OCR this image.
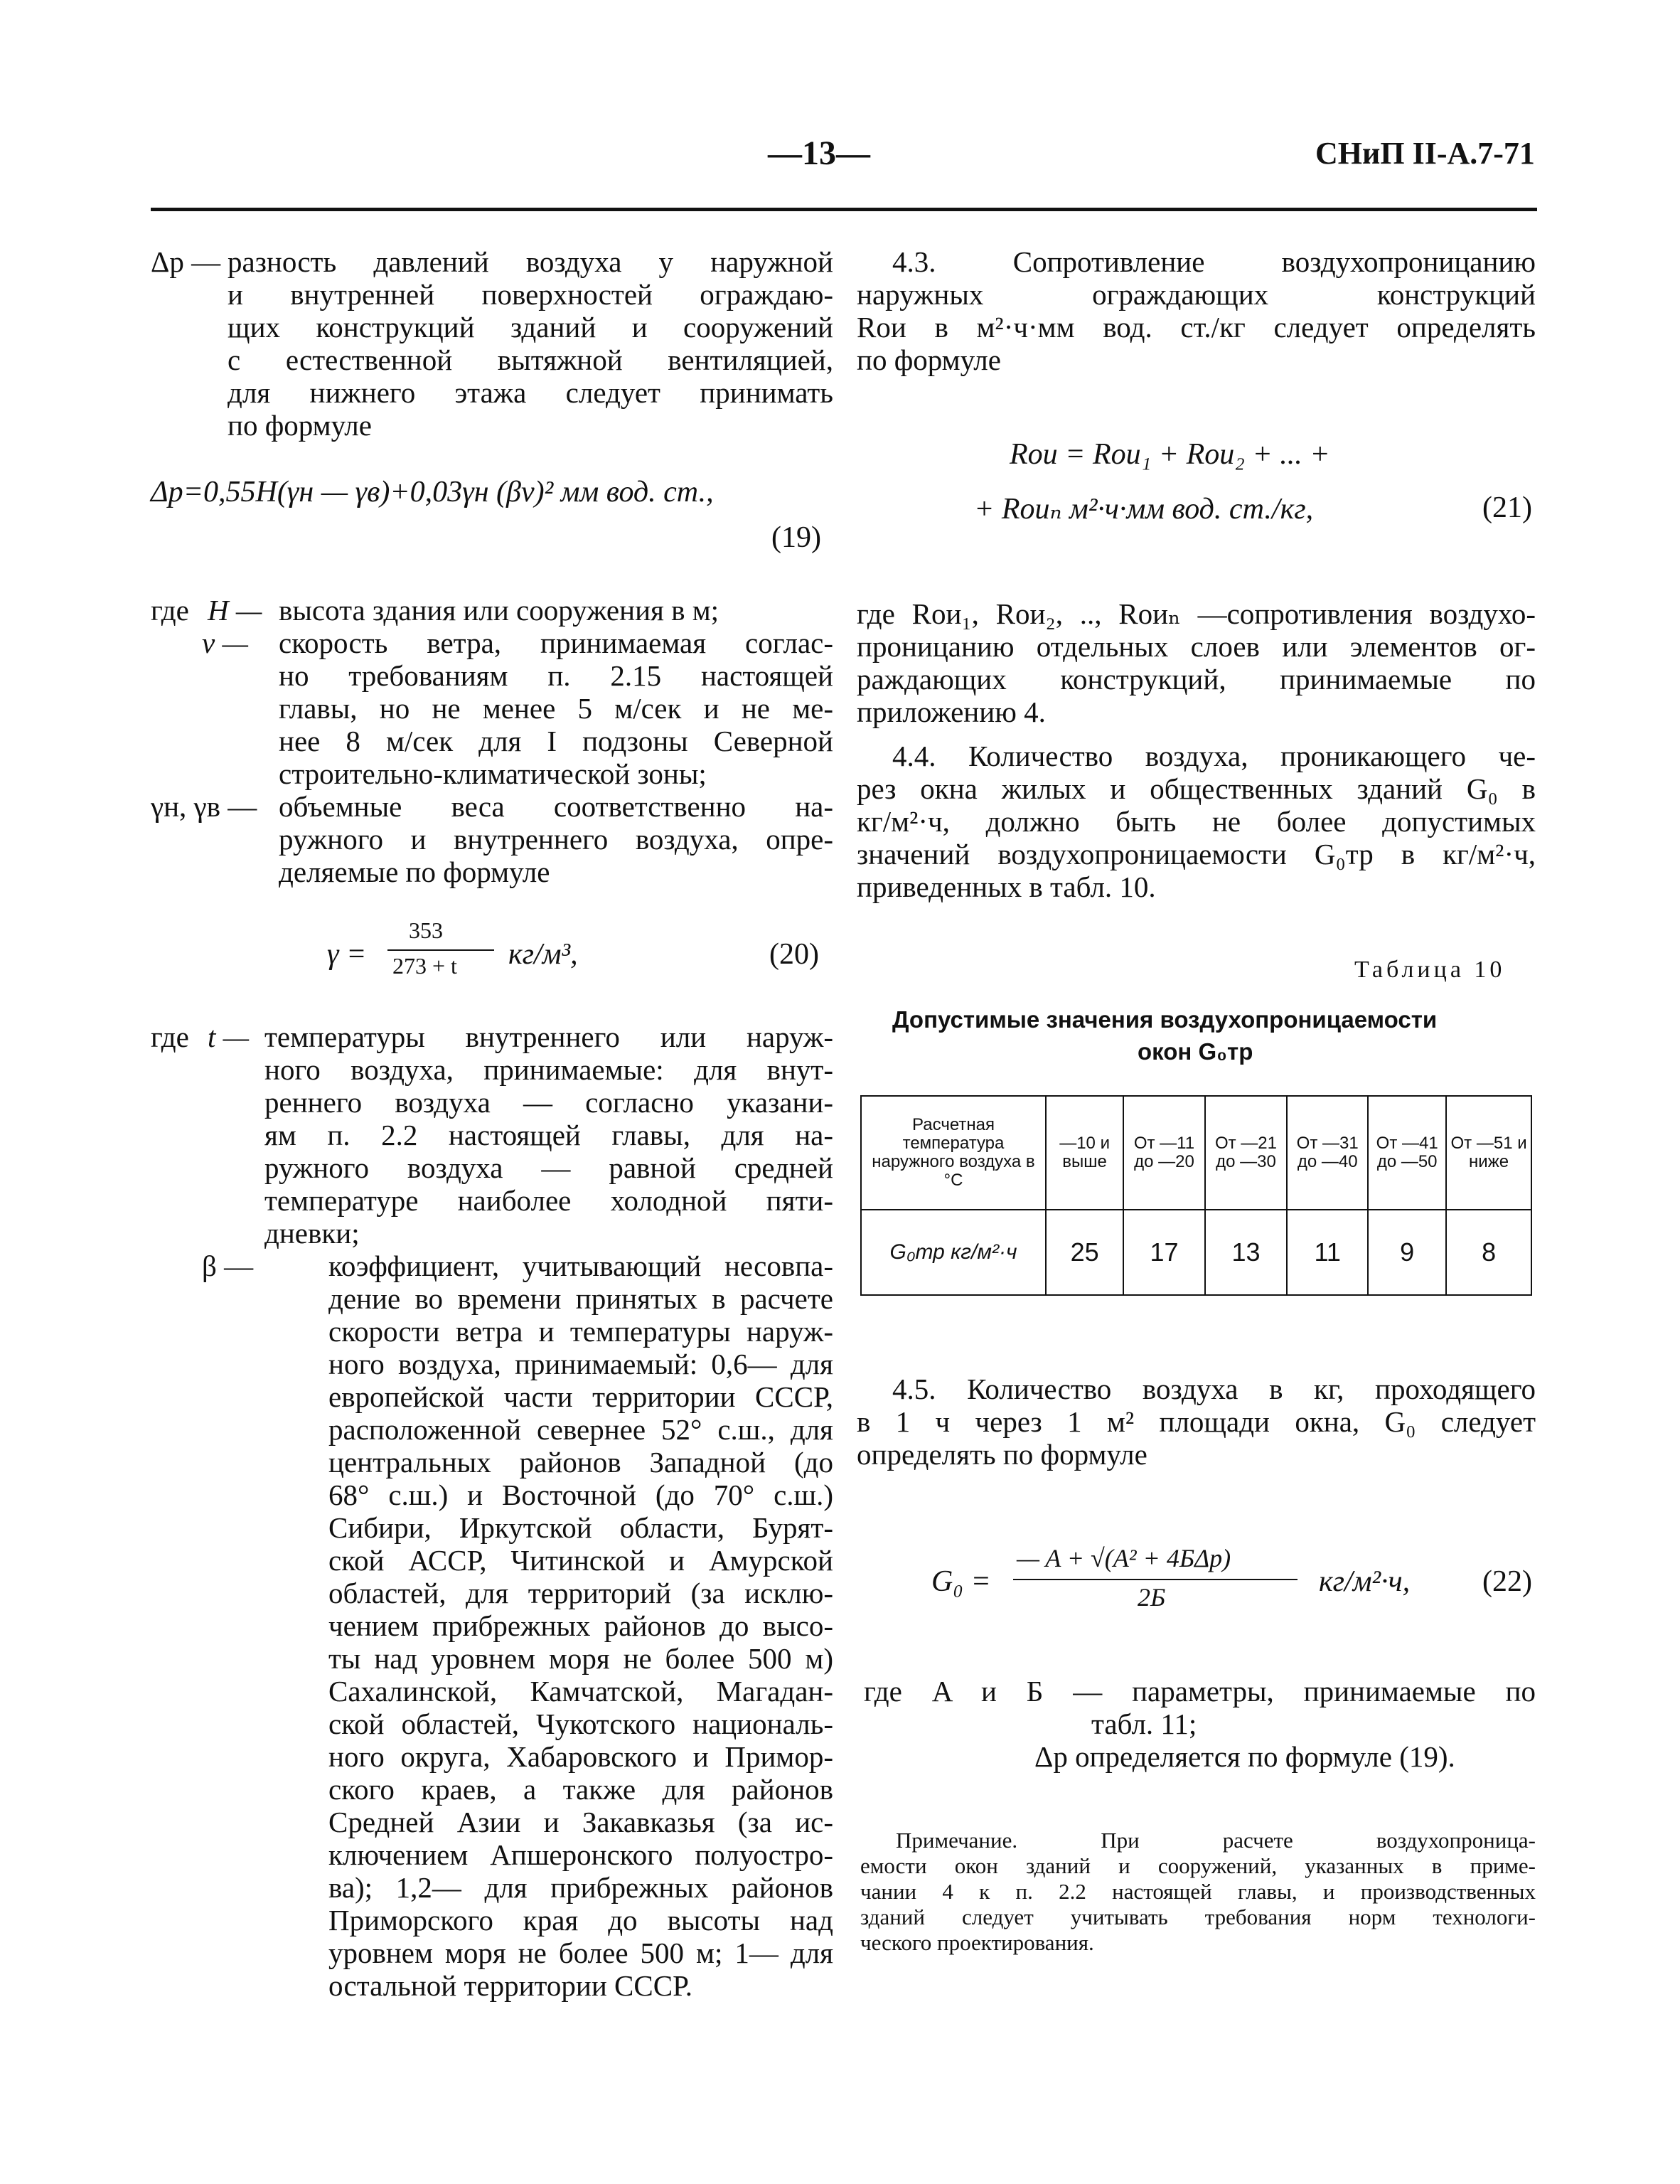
—13—	СНиП II-А.7-71
Δp — разность давлений воздуха у наружной
и внутренней поверхностей ограждаю-
щих конструкций зданий и сооружений
с естественной вытяжной вентиляцией,
для нижнего этажа следует принимать
по формуле
Δp=0,55H(γн — γв)+0,03γн (βv)² мм вод. ст.,
(19)
где H — высота здания или сооружения в м;
v —	скорость ветра, принимаемая соглас-
но требованиям п. 2.15 настоящей
главы, но не менее 5 м/сек и не ме-
нее 8 м/сек для I подзоны Северной
строительно-климатической зоны;
γн, γв — объемные веса соответственно на-
ружного и внутреннего воздуха, опре-
деляемые по формуле
γ =
353
273 + t кг/м³,	(20)
где t — температуры внутреннего или наруж-
ного воздуха, принимаемые: для внут-
реннего воздуха — согласно указани-
ям п. 2.2 настоящей главы, для на-
ружного воздуха — равной средней
температуре наиболее холодной пяти-
дневки;
β —	коэффициент, учитывающий несовпа-
дение во времени принятых в расчете
скорости ветра и температуры наруж-
ного воздуха, принимаемый: 0,6— для
европейской части территории СССР,
расположенной севернее 52° с.ш., для
центральных районов Западной (до
68° с.ш.) и Восточной (до 70° с.ш.)
Сибири, Иркутской области, Бурят-
ской АССР, Читинской и Амурской
областей, для территорий (за исклю-
чением прибрежных районов до высо-
ты над уровнем моря не более 500 м)
Сахалинской, Камчатской, Магадан-
ской областей, Чукотского националь-
ного округа, Хабаровского и Примор-
ского краев, а также для районов
Средней Азии и Закавказья (за ис-
ключением Апшеронского полуостро-
ва); 1,2— для прибрежных районов
Приморского края до высоты над
уровнем моря не более 500 м; 1— для
остальной территории СССР.
4.3. Сопротивление воздухопроницанию
наружных ограждающих конструкций
Rои в м²·ч·мм вод. ст./кг следует определять
по формуле
Rои = Rои₁ + Rои₂ + ... +
+ Rоиₙ м²·ч·мм вод. ст./кг,	(21)
где Rои₁, Rои₂, .., Rоиₙ —сопротивления воздухо-
проницанию отдельных слоев или элементов ог-
раждающих конструкций, принимаемые по
приложению 4.
4.4. Количество воздуха, проникающего че-
рез окна жилых и общественных зданий G₀ в
кг/м²·ч, должно быть не более допустимых
значений воздухопроницаемости G₀тр в кг/м²·ч,
приведенных в табл. 10.
Таблица 10
Допустимые значения воздухопроницаемости
окон G₀тр
Расчетная температура наружного воздуха в °С	—10 и выше	От —11 до —20	От —21 до —30	От —31 до —40	От —41 до —50	От —51 и ниже
G₀тр кг/м²·ч	25	17	13	11	9	8
4.5. Количество воздуха в кг, проходящего
в 1 ч через 1 м² площади окна, G₀ следует
определять по формуле
G₀ =
— A + √(A² + 4БΔp)
2Б	кг/м²·ч, (22)
где A и Б — параметры, принимаемые по
табл. 11;
Δp определяется по формуле (19).
Примечание. При расчете воздухопроница-
емости окон зданий и сооружений, указанных в приме-
чании 4 к п. 2.2 настоящей главы, и производственных
зданий следует учитывать требования норм технологи-
ческого проектирования.
